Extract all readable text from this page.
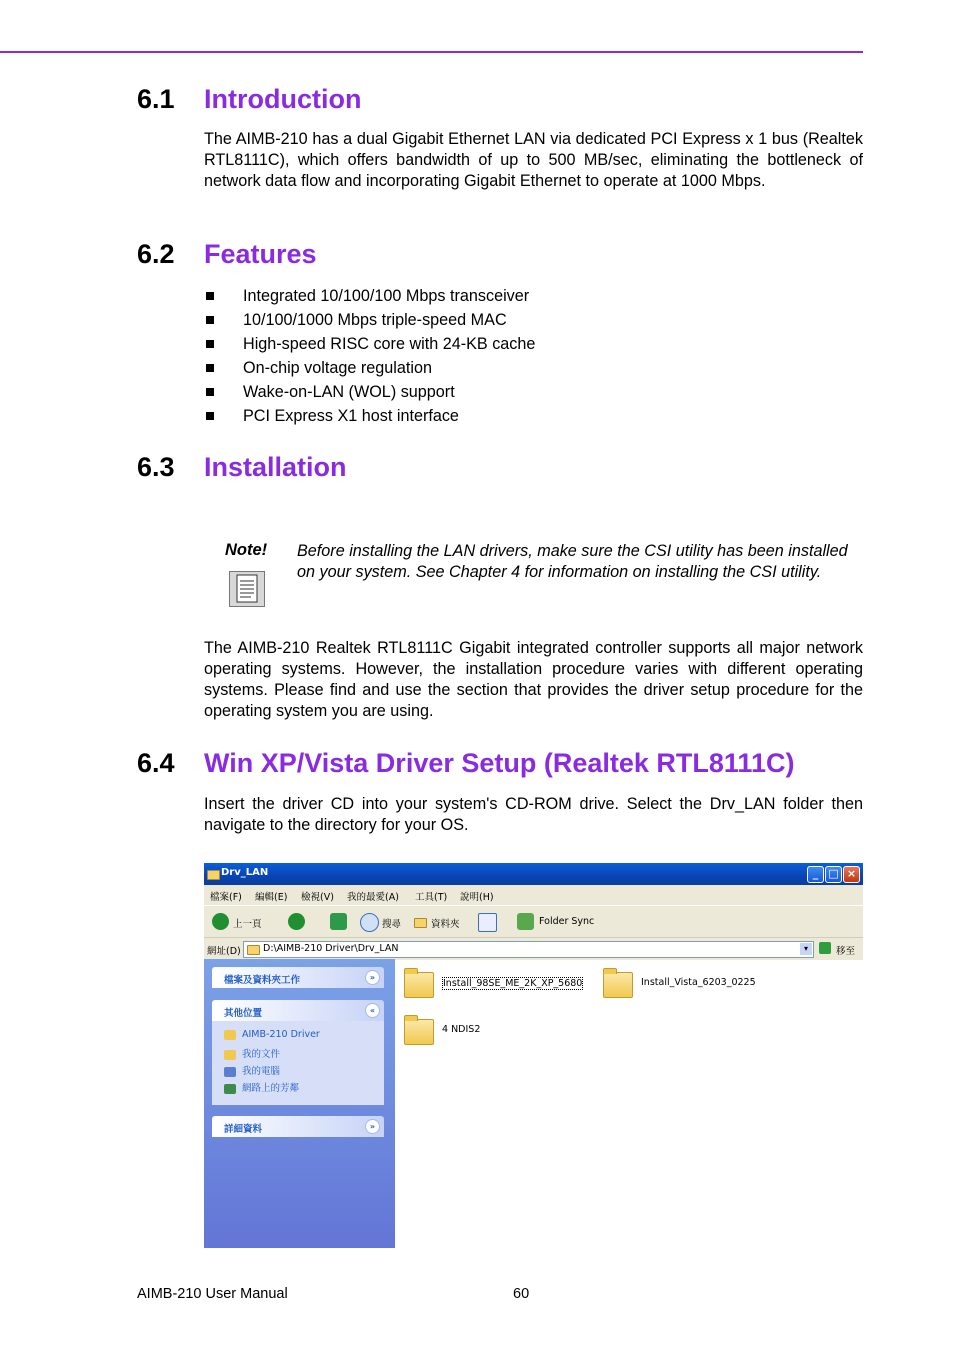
6.1 Introduction

The AIMB-210 has a dual Gigabit Ethernet LAN via dedicated PCI Express x 1 bus (Realtek RTL8111C), which offers bandwidth of up to 500 MB/sec, eliminating the bottleneck of network data flow and incorporating Gigabit Ethernet to operate at 1000 Mbps.

6.2 Features
Integrated 10/100/100 Mbps transceiver
10/100/1000 Mbps triple-speed MAC
High-speed RISC core with 24-KB cache
On-chip voltage regulation
Wake-on-LAN (WOL) support
PCI Express X1 host interface
6.3 Installation
Note! Before installing the LAN drivers, make sure the CSI utility has been installed on your system. See Chapter 4 for information on installing the CSI utility.

The AIMB-210 Realtek RTL8111C Gigabit integrated controller supports all major network operating systems. However, the installation procedure varies with different operating systems. Please find and use the section that provides the driver setup procedure for the operating system you are using.

6.4 Win XP/Vista Driver Setup (Realtek RTL8111C)

Insert the driver CD into your system's CD-ROM drive. Select the Drv_LAN folder then navigate to the directory for your OS.

Drv_LAN	_ □ ×
檔案(F) 編輯(E) 檢視(V) 我的最愛(A) 工具(T) 說明(H)
上一頁	搜尋	資料夾	Folder Sync
網址(D) D:\AIMB-210 Driver\Drv_LAN	▾	移至
檔案及資料夾工作	»
其他位置	«
AIMB-210 Driver
我的文件
我的電腦
網路上的芳鄰
詳細資料	»
Install_98SE_ME_2K_XP_5680	Install_Vista_6203_0225
4 NDIS2
AIMB-210 User Manual	60
